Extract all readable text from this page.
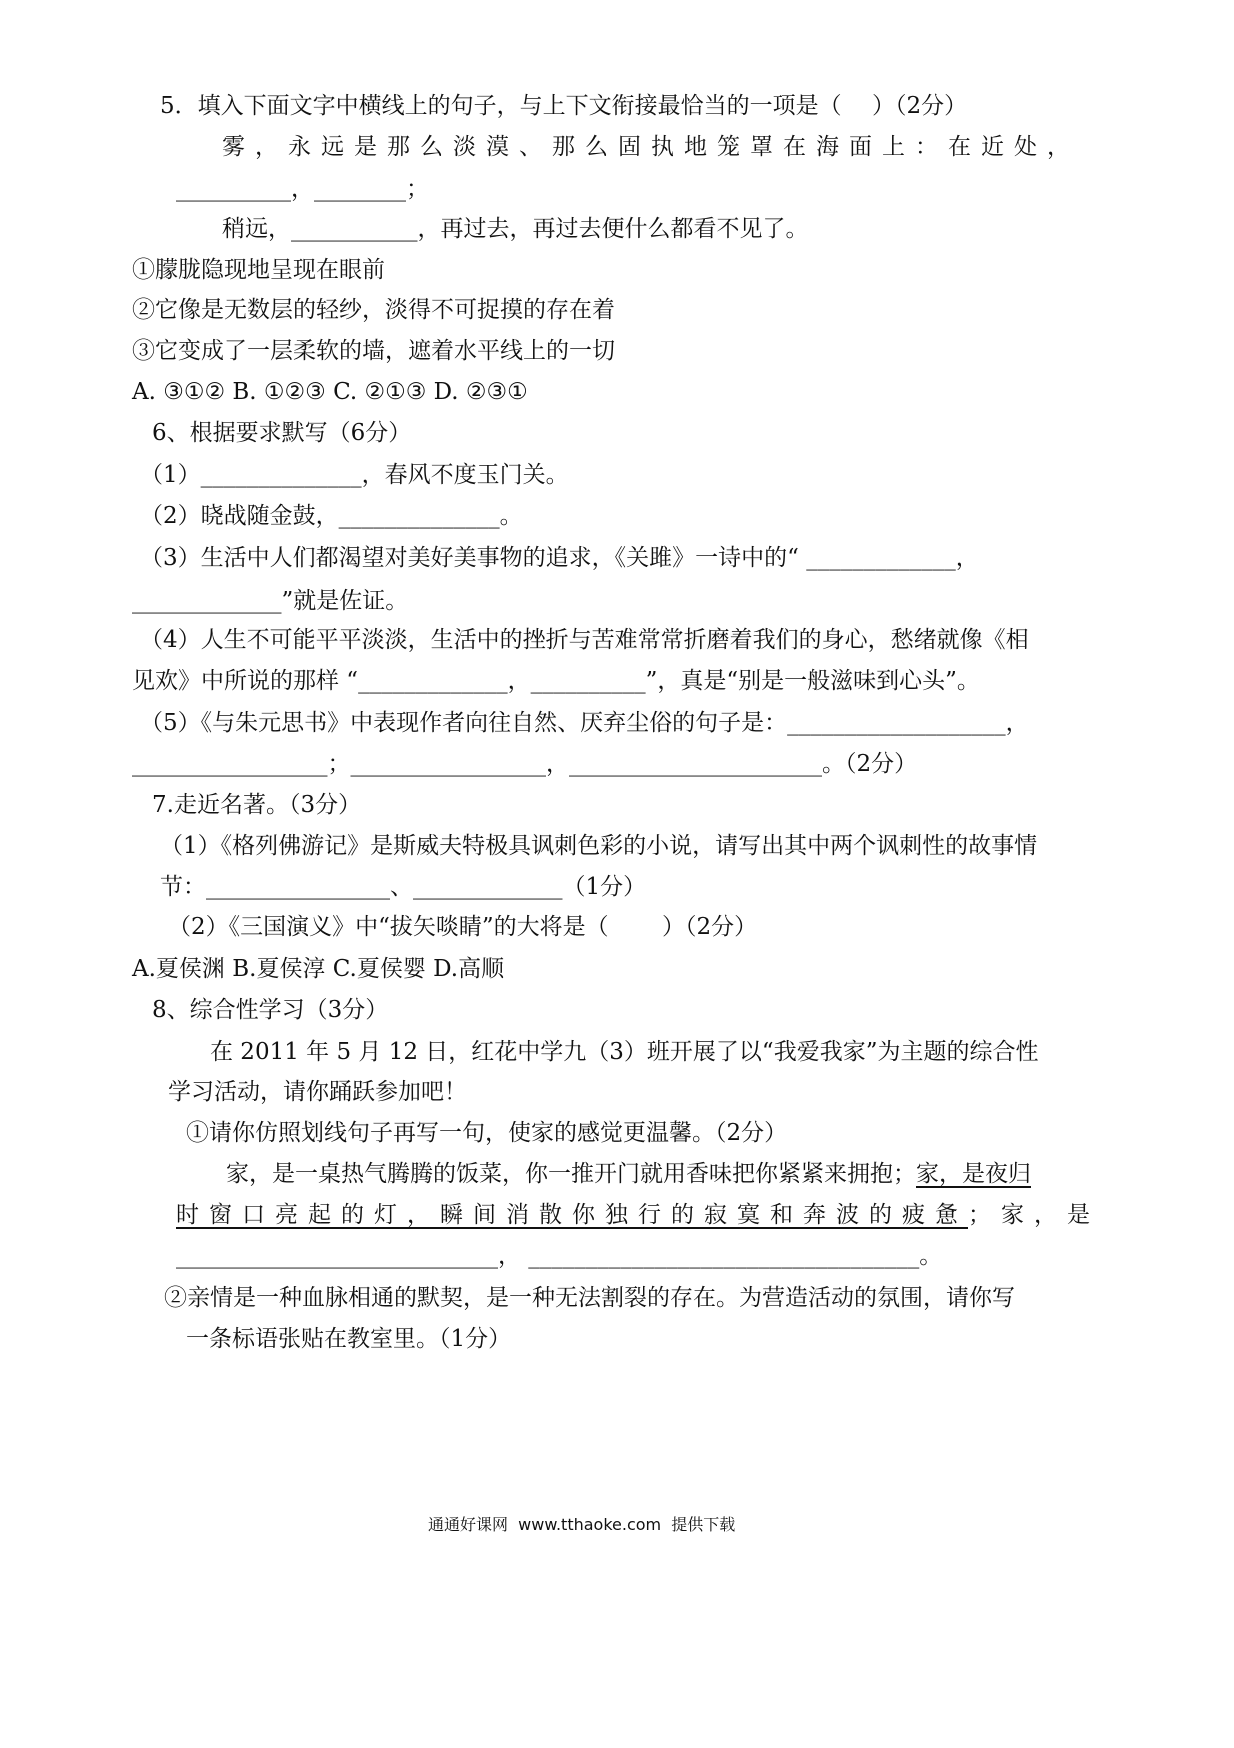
5．填入下面文字中横线上的句子，与上下文衔接最恰当的一项是（　 ）（2分）
雾，永远是那么淡漠、那么固执地笼罩在海面上：在近处，
__________，________；
稍远，___________，再过去，再过去便什么都看不见了。
①朦胧隐现地呈现在眼前
②它像是无数层的轻纱，淡得不可捉摸的存在着
③它变成了一层柔软的墙，遮着水平线上的一切
A. ③①② B. ①②③ C. ②①③ D. ②③①
6、根据要求默写（6分）
（1）______________，春风不度玉门关。
（2）晓战随金鼓，______________。
（3）生活中人们都渴望对美好美事物的追求，《关雎》一诗中的“ _____________，
_____________”就是佐证。
（4）人生不可能平平淡淡，生活中的挫折与苦难常常折磨着我们的身心，愁绪就像《相
见欢》中所说的那样 “_____________，__________”，真是“别是一般滋味到心头”。
（5）《与朱元思书》中表现作者向往自然、厌弃尘俗的句子是：___________________，
_________________；_________________，______________________。（2分）
7.走近名著。（3分）
（1）《格列佛游记》是斯威夫特极具讽刺色彩的小说，请写出其中两个讽刺性的故事情
节：________________、_____________（1分）
（2）《三国演义》中“拔矢啖睛”的大将是（　　 ）（2分）
A.夏侯渊 B.夏侯淳 C.夏侯婴 D.高顺
8、综合性学习（3分）
在 2011 年 5 月 12 日，红花中学九（3）班开展了以“我爱我家”为主题的综合性
学习活动，请你踊跃参加吧！
①请你仿照划线句子再写一句，使家的感觉更温馨。（2分）
家，是一桌热气腾腾的饭菜，你一推开门就用香味把你紧紧来拥抱；家，是夜归
时窗口亮起的灯，瞬间消散你独行的寂寞和奔波的疲惫；家，是
____________________________， __________________________________。
②亲情是一种血脉相通的默契，是一种无法割裂的存在。为营造活动的氛围，请你写
一条标语张贴在教室里。（1分）
通通好课网  www.tthaoke.com  提供下载
